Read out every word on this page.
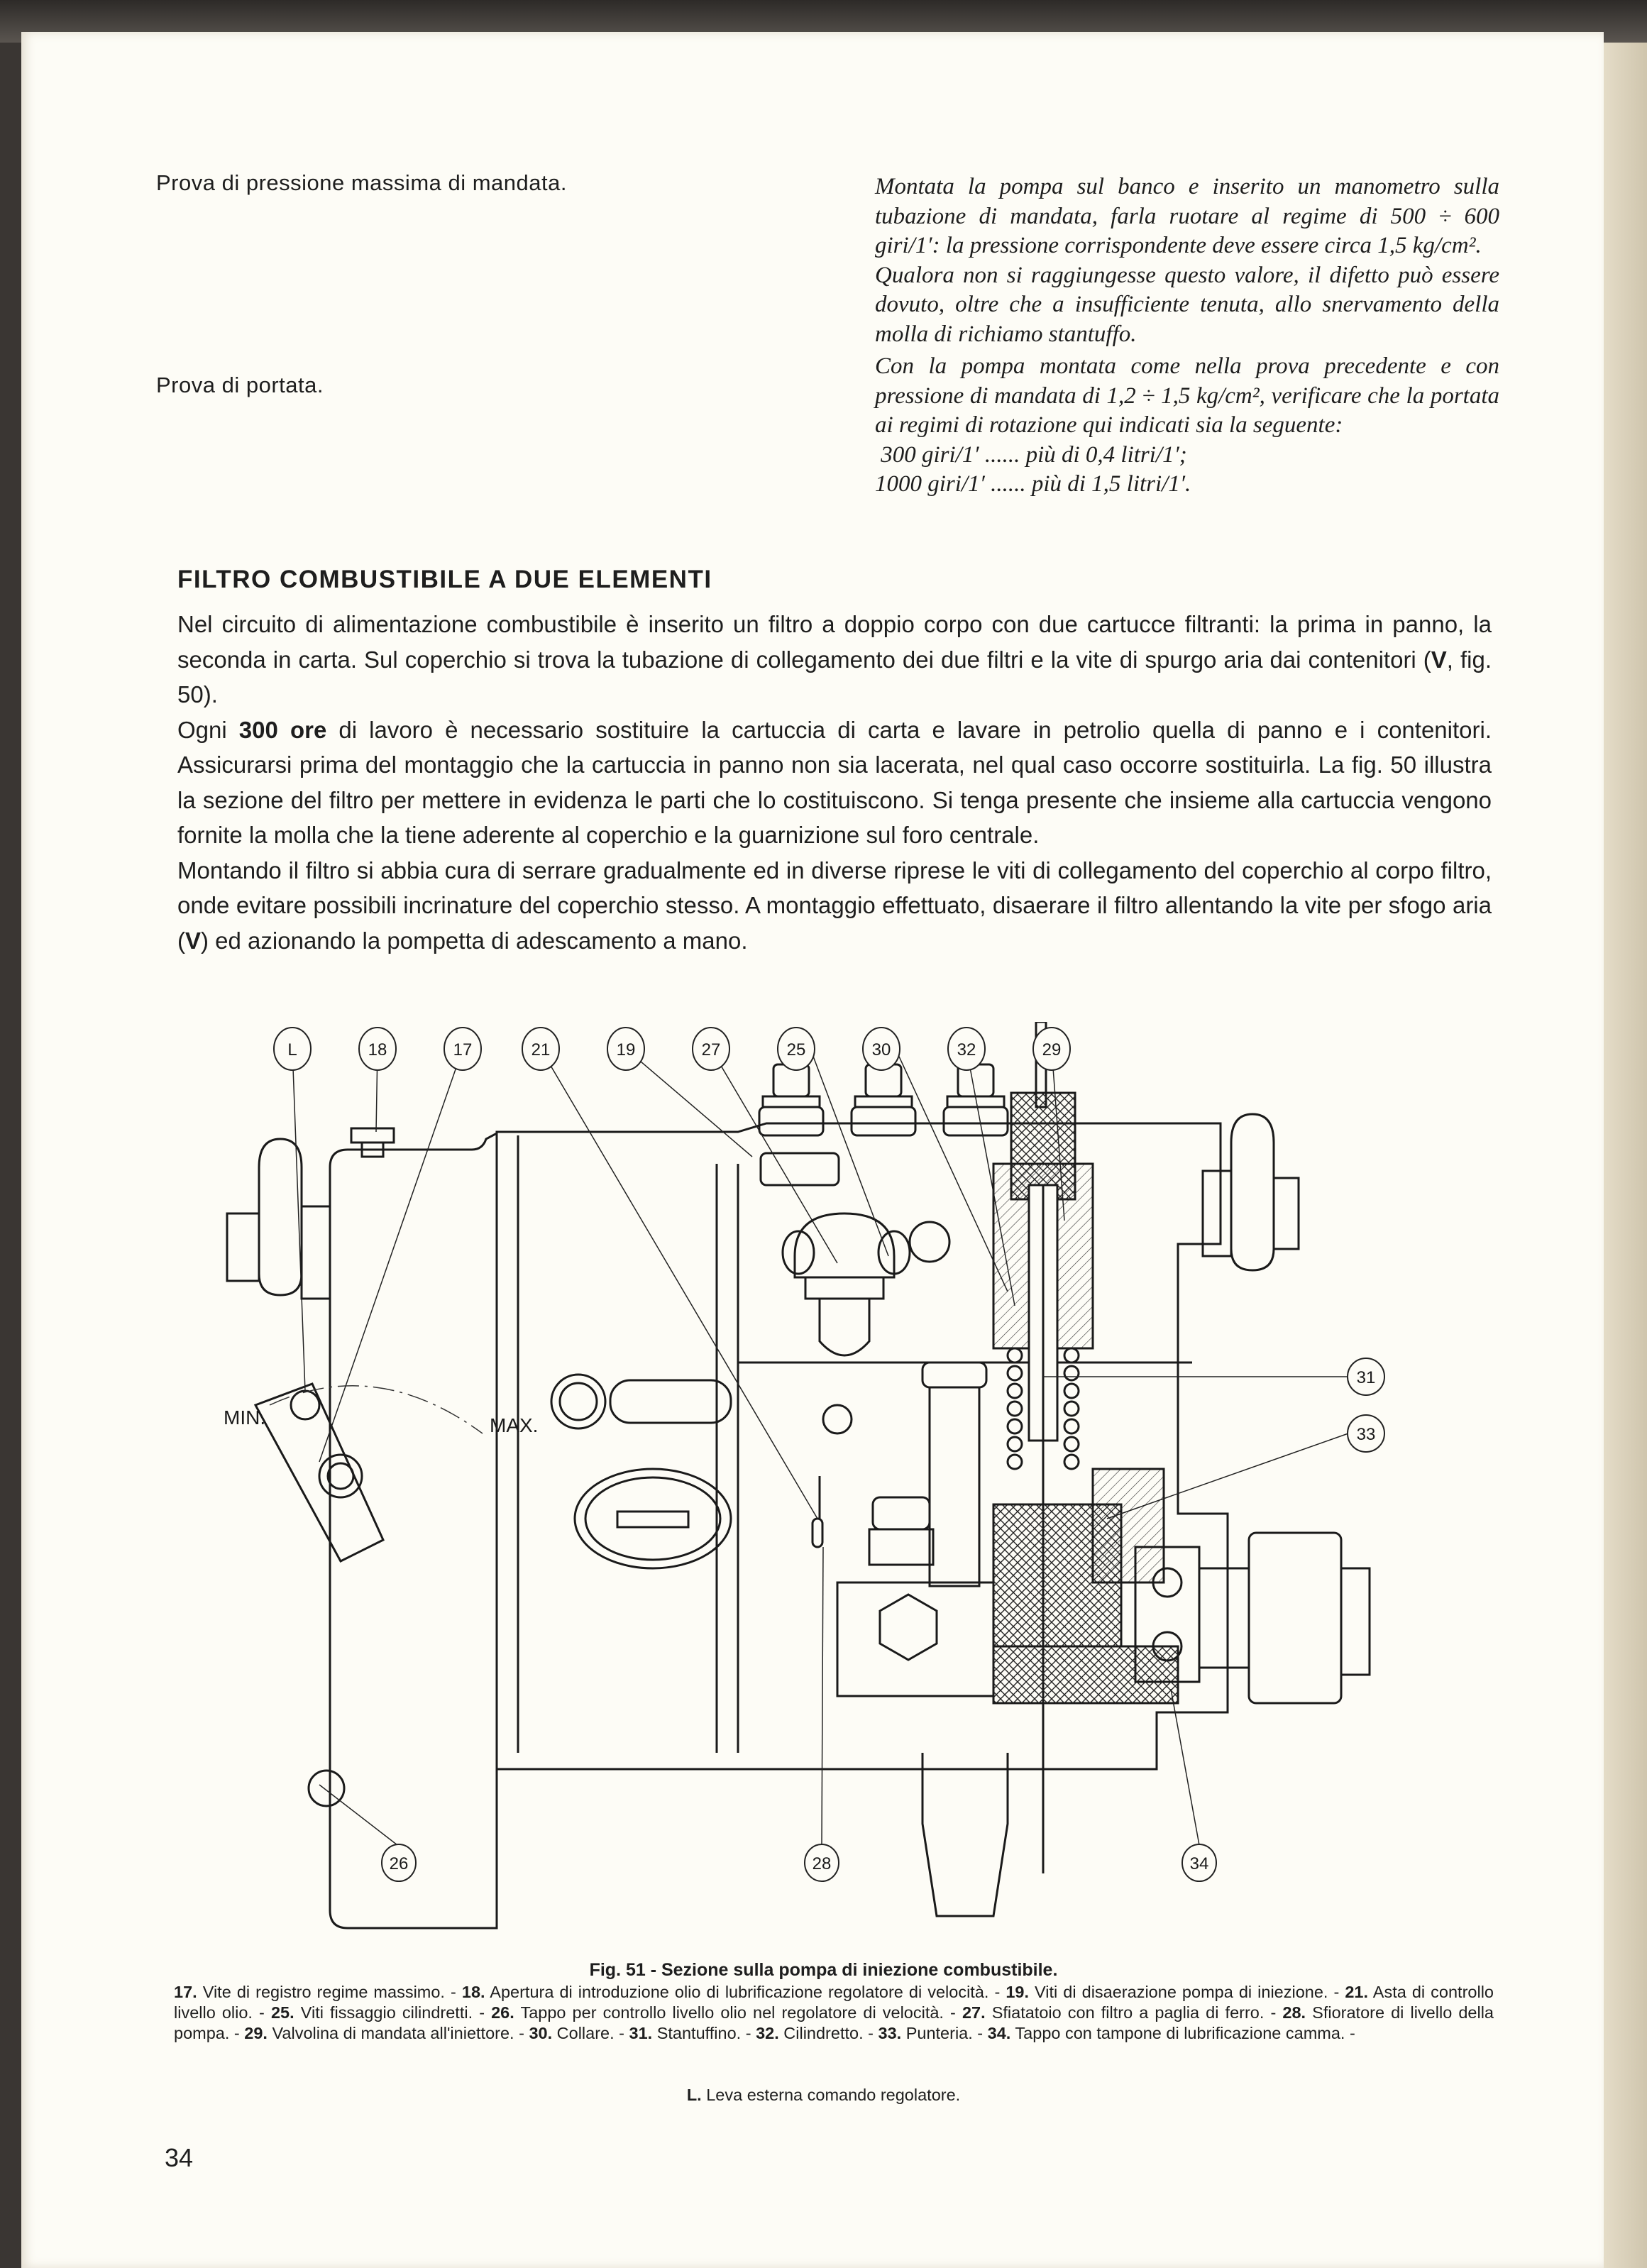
Prova di pressione massima di mandata.
Prova di portata.

Montata la pompa sul banco e inserito un manometro sulla tubazione di mandata, farla ruotare al regime di 500 ÷ 600 giri/1′: la pressione corrispondente deve essere circa 1,5 kg/cm².

Qualora non si raggiungesse questo valore, il difetto può essere dovuto, oltre che a insufficiente tenuta, allo snervamento della molla di richiamo stantuffo.

Con la pompa montata come nella prova precedente e con pressione di mandata di 1,2 ÷ 1,5 kg/cm², verificare che la portata ai regimi di rotazione qui indicati sia la seguente:

300 giri/1′ ...... più di 0,4 litri/1′;

1000 giri/1′ ...... più di 1,5 litri/1′.

FILTRO COMBUSTIBILE A DUE ELEMENTI

Nel circuito di alimentazione combustibile è inserito un filtro a doppio corpo con due cartucce filtranti: la prima in panno, la seconda in carta. Sul coperchio si trova la tubazione di collegamento dei due filtri e la vite di spurgo aria dai contenitori (V, fig. 50).

Ogni 300 ore di lavoro è necessario sostituire la cartuccia di carta e lavare in petrolio quella di panno e i contenitori. Assicurarsi prima del montaggio che la cartuccia in panno non sia lacerata, nel qual caso occorre sostituirla. La fig. 50 illustra la sezione del filtro per mettere in evidenza le parti che lo costituiscono. Si tenga presente che insieme alla cartuccia vengono fornite la molla che la tiene aderente al coperchio e la guarnizione sul foro centrale.

Montando il filtro si abbia cura di serrare gradualmente ed in diverse riprese le viti di collegamento del coperchio al corpo filtro, onde evitare possibili incrinature del coperchio stesso. A montaggio effettuato, disaerare il filtro allentando la vite per sfogo aria (V) ed azionando la pompetta di adescamento a mano.

L	18	17	21	19	27	25	30	32	29
31
33
26	28	34
MIN.	MAX.
Fig. 51 - Sezione sulla pompa di iniezione combustibile.
17. Vite di registro regime massimo. - 18. Apertura di introduzione olio di lubrificazione regolatore di velocità. - 19. Viti di disaerazione pompa di iniezione. - 21. Asta di controllo livello olio. - 25. Viti fissaggio cilindretti. - 26. Tappo per controllo livello olio nel regolatore di velocità. - 27. Sfiatatoio con filtro a paglia di ferro. - 28. Sfioratore di livello della pompa. - 29. Valvolina di mandata all'iniettore. - 30. Collare. - 31. Stantuffino. - 32. Cilindretto. - 33. Punteria. - 34. Tappo con tampone di lubrificazione camma. -
L. Leva esterna comando regolatore.
34
